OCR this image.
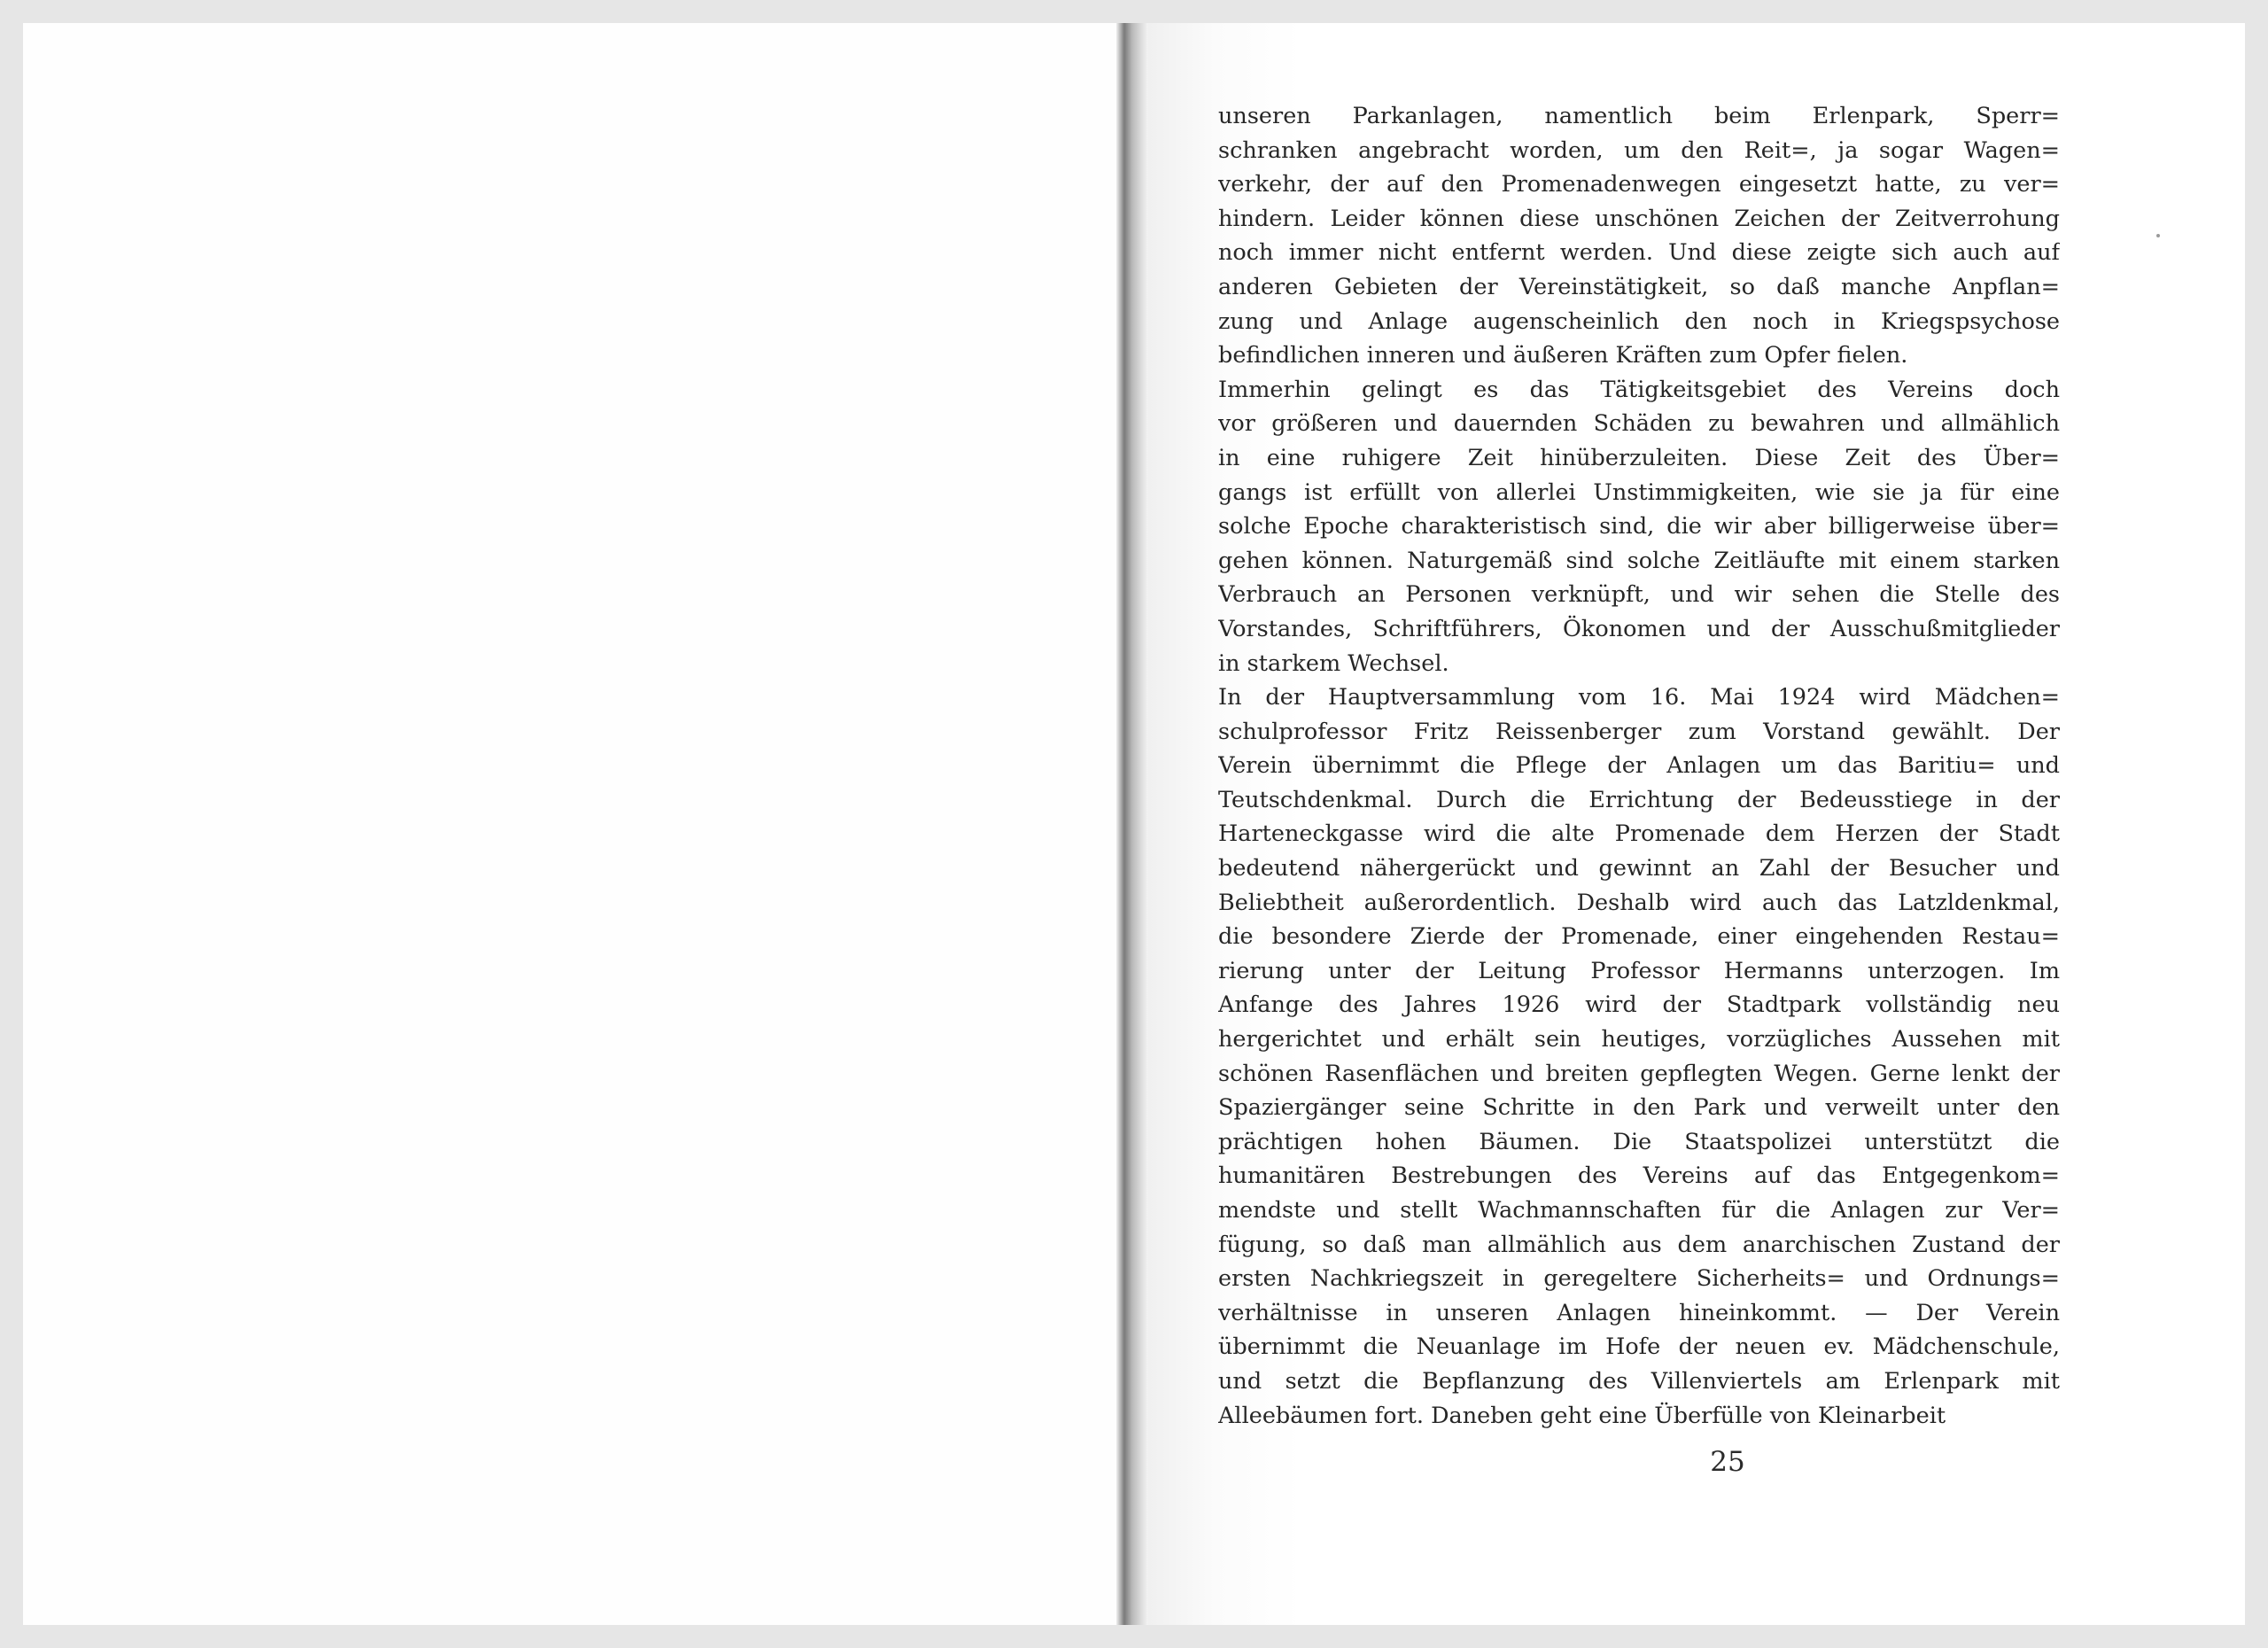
unseren Parkanlagen, namentlich beim Erlenpark, Sperr=
schranken angebracht worden, um den Reit=, ja sogar Wagen=
verkehr, der auf den Promenadenwegen eingesetzt hatte, zu ver=
hindern. Leider können diese unschönen Zeichen der Zeitverrohung
noch immer nicht entfernt werden. Und diese zeigte sich auch auf
anderen Gebieten der Vereinstätigkeit, so daß manche Anpflan=
zung und Anlage augenscheinlich den noch in Kriegspsychose
befindlichen inneren und äußeren Kräften zum Opfer fielen.
Immerhin gelingt es das Tätigkeitsgebiet des Vereins doch
vor größeren und dauernden Schäden zu bewahren und allmählich
in eine ruhigere Zeit hinüberzuleiten. Diese Zeit des Über=
gangs ist erfüllt von allerlei Unstimmigkeiten, wie sie ja für eine
solche Epoche charakteristisch sind, die wir aber billigerweise über=
gehen können. Naturgemäß sind solche Zeitläufte mit einem starken
Verbrauch an Personen verknüpft, und wir sehen die Stelle des
Vorstandes, Schriftführers, Ökonomen und der Ausschußmitglieder
in starkem Wechsel.
In der Hauptversammlung vom 16. Mai 1924 wird Mädchen=
schulprofessor Fritz Reissenberger zum Vorstand gewählt. Der
Verein übernimmt die Pflege der Anlagen um das Baritiu= und
Teutschdenkmal. Durch die Errichtung der Bedeusstiege in der
Harteneckgasse wird die alte Promenade dem Herzen der Stadt
bedeutend nähergerückt und gewinnt an Zahl der Besucher und
Beliebtheit außerordentlich. Deshalb wird auch das Latzldenkmal,
die besondere Zierde der Promenade, einer eingehenden Restau=
rierung unter der Leitung Professor Hermanns unterzogen. Im
Anfange des Jahres 1926 wird der Stadtpark vollständig neu
hergerichtet und erhält sein heutiges, vorzügliches Aussehen mit
schönen Rasenflächen und breiten gepflegten Wegen. Gerne lenkt der
Spaziergänger seine Schritte in den Park und verweilt unter den
prächtigen hohen Bäumen. Die Staatspolizei unterstützt die
humanitären Bestrebungen des Vereins auf das Entgegenkom=
mendste und stellt Wachmannschaften für die Anlagen zur Ver=
fügung, so daß man allmählich aus dem anarchischen Zustand der
ersten Nachkriegszeit in geregeltere Sicherheits= und Ordnungs=
verhältnisse in unseren Anlagen hineinkommt. — Der Verein
übernimmt die Neuanlage im Hofe der neuen ev. Mädchenschule,
und setzt die Bepflanzung des Villenviertels am Erlenpark mit
Alleebäumen fort. Daneben geht eine Überfülle von Kleinarbeit
25
